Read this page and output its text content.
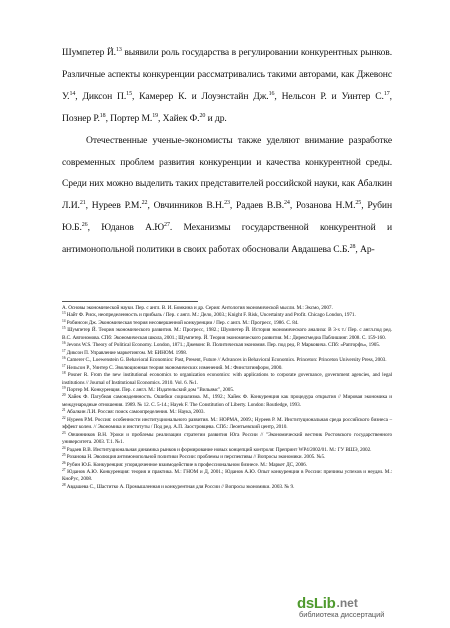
Шумпетер Й.$^{13}$ выявили роль государства в регулировании конкурентных рынков. Различные аспекты конкуренции рассматривались такими авторами, как Джевонс У.$^{14}$, Диксон П.$^{15}$, Камерер К. и Лоуэнстайн Дж.$^{16}$, Нельсон Р. и Уинтер С.$^{17}$, Познер Р.$^{18}$, Портер М.$^{19}$, Хайек Ф.$^{20}$ и др.

Отечественные ученые-экономисты также уделяют внимание разработке современных проблем развития конкуренции и качества конкурентной среды. Среди них можно выделить таких представителей российской науки, как Абалкин Л.И.$^{21}$, Нуреев Р.М.$^{22}$, Овчинников В.Н.$^{23}$, Радаев В.В.$^{24}$, Розанова Н.М.$^{25}$, Рубин Ю.Б.$^{26}$, Юданов $А.Ю^{27}$. Механизмы государственной конкурентной и антимонопольной политики в своих работах обосновали Авдашева С.Б.$^{28}$, Ар-

А. Основы экономической науки. Пер. с англ. В. И. Бомкина и др. Серия: Антология экономической мысли. М.: Эксмо, 2007.

$^{13}$ Найт Ф. Риск, неопределенность и прибыль / Пер. с англ. М.: Дело, 2003.; Knight F. Risk, Uncertainty and Profit. Chicago London, 1971.

$^{14}$ Робинсон Дж. Экономическая теория несовершенной конкуренции / Пер. с англ. М.: Прогресс, 1986. С. 84.

$^{15}$ Шумпетер Й. Теория экономического развития. М.: Прогресс, 1982.; Шумпетер Й. История экономического анализа: В 3-х т./ Пер. с англ.под ред. В.С. Автономова. СПб: Экономическая школа, 2001.; Шумпетер. Й. Теория экономического развития. М.: Директмедиа Паблишинг. 2008. С. 159-160.

$^{16}$ Jevons W.S. Theory of Political Economy. London, 1871.; Джевонс В. Политическая экономия. Пер. под ред. Р. Марковича. СПб: «Рапгорфъ», 1905.

$^{17}$ Диксон П. Управление маркетингом. М: БИНОМ. 1998.

$^{16}$ Camerer C., Loewenstein G. Behavioral Economics: Past, Present, Future // Advances in Behavioral Economics. Princeton: Princeton University Press, 2003.

$^{17}$ Нельсон Р., Уинтер С. Эволюционная теория экономических изменений. М.: Финстатинформ, 2000.

$^{18}$ Posner R. From the new institutional economics to organization economics: with applications to corporate governance, government agencies, and legal institutions // Journal of Institutional Economics. 2010. Vol. 6. №1.

$^{19}$ Портер М. Конкуренция. Пер. с англ. М.: Издательский дом "Вильямс", 2005.

$^{20}$ Хайек Ф. Пагубная самонадеянность. Ошибки социализма. М., 1992.; Хайек Ф. Конкуренция как процедура открытия // Мировая экономика и международные отношения. 1989. № 12. С. 5-14.; Hayek F. The Constitution of Liberty. London: Routledge, 1993.

$^{21}$ Абалкин Л.И. Россия: поиск самоопределения. М.: Наука, 2003.

$^{22}$ Нуреев Р.М. Россия: особенности институционального развития. М.: НОРМА, 2009.; Нуреев Р. М. Институциональная среда российского бизнеса – эффект колеи. // Экономика и институты / Под ред. А.П. Заостровцева. СПб.: Леонтьевский центр, 2010.

$^{23}$ Овчинников В.Н. Уроки и проблемы реализации стратегии развития Юга России // "Экономический вестник Ростовского государственного университета. 2003. Т.1. №1.

$^{24}$ Радаев В.В. Институциональная динамика рынков и формирование новых концепций контроля: Препринт WP4/2002/01. М.: ГУ ВШЭ, 2002.

$^{25}$ Розанова Н. Эволюция антимонопольной политики России: проблемы и перспективы // Вопросы экономики. 2005. №5.

$^{26}$ Рубин Ю.Б. Конкуренция: упорядоченное взаимодействие в профессиональном бизнесе. М.: Маркет ДС, 2006.

$^{27}$ Юданов А.Ю. Конкуренция: теория и практика. М.: ГНОМ и Д, 2001.; Юданов А.Ю. Опыт конкуренции в России: причины успехов и неудач. М.: КноРус, 2008.

$^{28}$ Авдашева С., Шаститко А. Промышленная и конкурентная для России // Вопросы экономики. 2003. № 9.

dsLib .net
библиотека диссертаций
